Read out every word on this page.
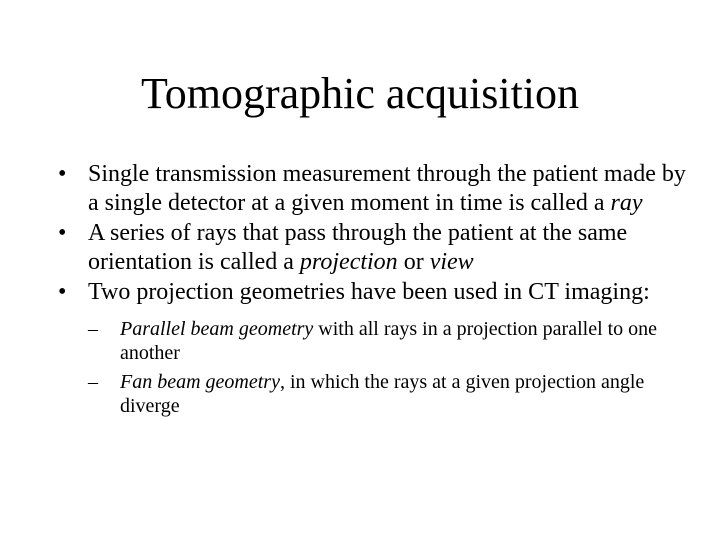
Tomographic acquisition
• Single transmission measurement through the patient made by a single detector at a given moment in time is called a ray
• A series of rays that pass through the patient at the same orientation is called a projection or view
• Two projection geometries have been used in CT imaging:
–	Parallel beam geometry with all rays in a projection parallel to one another
–	Fan beam geometry, in which the rays at a given projection angle diverge
